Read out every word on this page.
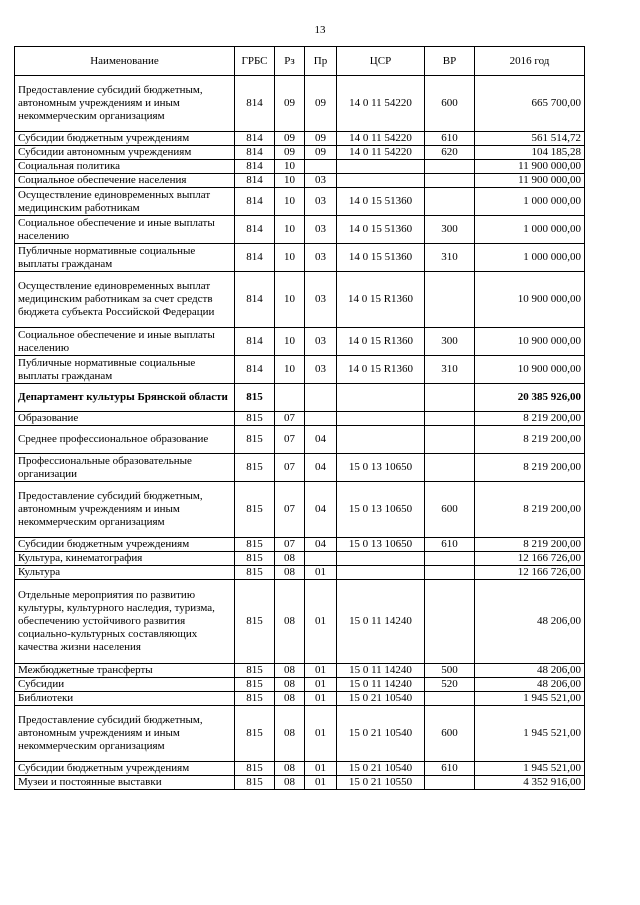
13
Наименование	ГРБС	Рз	Пр	ЦСР	ВР	2016 год
Предоставление субсидий бюджетным, автономным учреждениям и иным некоммерческим организациям	814	09	09	14 0 11 54220	600	665 700,00
Субсидии бюджетным учреждениям	814	09	09	14 0 11 54220	610	561 514,72
Субсидии автономным учреждениям	814	09	09	14 0 11 54220	620	104 185,28
Социальная политика	814	10				11 900 000,00
Социальное обеспечение населения	814	10	03			11 900 000,00
Осуществление единовременных выплат медицинским работникам	814	10	03	14 0 15 51360		1 000 000,00
Социальное обеспечение и иные выплаты населению	814	10	03	14 0 15 51360	300	1 000 000,00
Публичные нормативные социальные выплаты гражданам	814	10	03	14 0 15 51360	310	1 000 000,00
Осуществление единовременных выплат медицинским работникам за счет средств бюджета субъекта Российской Федерации	814	10	03	14 0 15 R1360		10 900 000,00
Социальное обеспечение и иные выплаты населению	814	10	03	14 0 15 R1360	300	10 900 000,00
Публичные нормативные социальные выплаты гражданам	814	10	03	14 0 15 R1360	310	10 900 000,00
Департамент культуры Брянской области	815					20 385 926,00
Образование	815	07				8 219 200,00
Среднее профессиональное образование	815	07	04			8 219 200,00
Профессиональные образовательные организации	815	07	04	15 0 13 10650		8 219 200,00
Предоставление субсидий бюджетным, автономным учреждениям и иным некоммерческим организациям	815	07	04	15 0 13 10650	600	8 219 200,00
Субсидии бюджетным учреждениям	815	07	04	15 0 13 10650	610	8 219 200,00
Культура, кинематография	815	08				12 166 726,00
Культура	815	08	01			12 166 726,00
Отдельные мероприятия по развитию культуры, культурного наследия, туризма, обеспечению устойчивого развития социально-культурных составляющих качества жизни населения	815	08	01	15 0 11 14240		48 206,00
Межбюджетные трансферты	815	08	01	15 0 11 14240	500	48 206,00
Субсидии	815	08	01	15 0 11 14240	520	48 206,00
Библиотеки	815	08	01	15 0 21 10540		1 945 521,00
Предоставление субсидий бюджетным, автономным учреждениям и иным некоммерческим организациям	815	08	01	15 0 21 10540	600	1 945 521,00
Субсидии бюджетным учреждениям	815	08	01	15 0 21 10540	610	1 945 521,00
Музеи и постоянные выставки	815	08	01	15 0 21 10550		4 352 916,00
